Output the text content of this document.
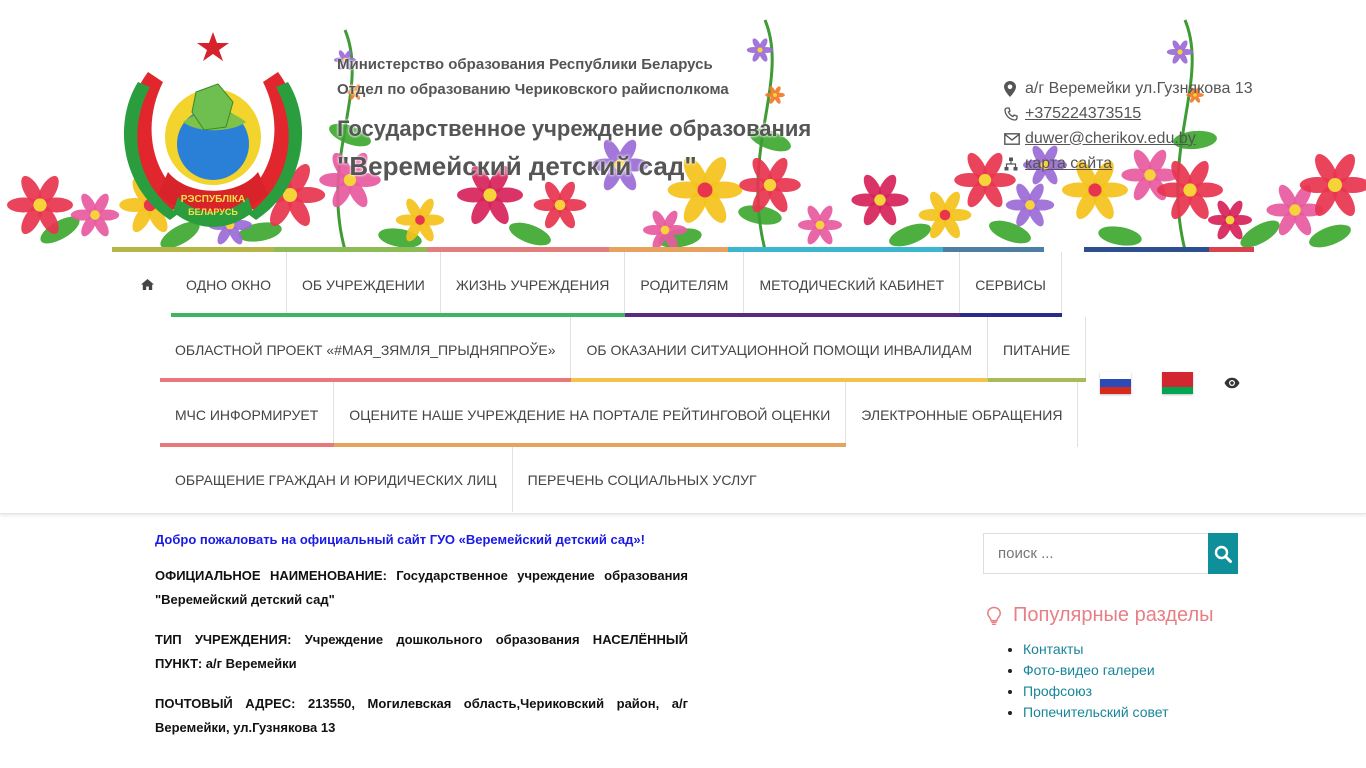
РЭСПУБЛІКА
БЕЛАРУСЬ
Министерство образования Республики Беларусь
Отдел по образованию Чериковского райисполкома
Государственное учреждение образования
"Веремейский детский сад"
а/г Веремейки ул.Гузнякова 13
+375224373515
duwer@cherikov.edu.by
карта сайта
ОДНО ОКНО ОБ УЧРЕЖДЕНИИ ЖИЗНЬ УЧРЕЖДЕНИЯ РОДИТЕЛЯМ МЕТОДИЧЕСКИЙ КАБИНЕТ СЕРВИСЫ
ОБЛАСТНОЙ ПРОЕКТ «#МАЯ_ЗЯМЛЯ_ПРЫДНЯПРОЎЕ» ОБ ОКАЗАНИИ СИТУАЦИОННОЙ ПОМОЩИ ИНВАЛИДАМ ПИТАНИЕ
МЧС ИНФОРМИРУЕТ ОЦЕНИТЕ НАШЕ УЧРЕЖДЕНИЕ НА ПОРТАЛЕ РЕЙТИНГОВОЙ ОЦЕНКИ ЭЛЕКТРОННЫЕ ОБРАЩЕНИЯ
ОБРАЩЕНИЕ ГРАЖДАН И ЮРИДИЧЕСКИХ ЛИЦ ПЕРЕЧЕНЬ СОЦИАЛЬНЫХ УСЛУГ

Добро пожаловать на официальный сайт ГУО «Веремейский детский сад»!

ОФИЦИАЛЬНОЕ НАИМЕНОВАНИЕ: Государственное учреждение образования "Веремейский детский сад"

ТИП УЧРЕЖДЕНИЯ: Учреждение дошкольного образования НАСЕЛЁННЫЙ ПУНКТ: а/г Веремейки

ПОЧТОВЫЙ АДРЕС: 213550, Могилевская область,Чериковский район, а/г Веремейки, ул.Гузнякова 13

поиск ...
Популярные разделы
• Контакты
• Фото-видео галереи
• Профсоюз
• Попечительский совет
